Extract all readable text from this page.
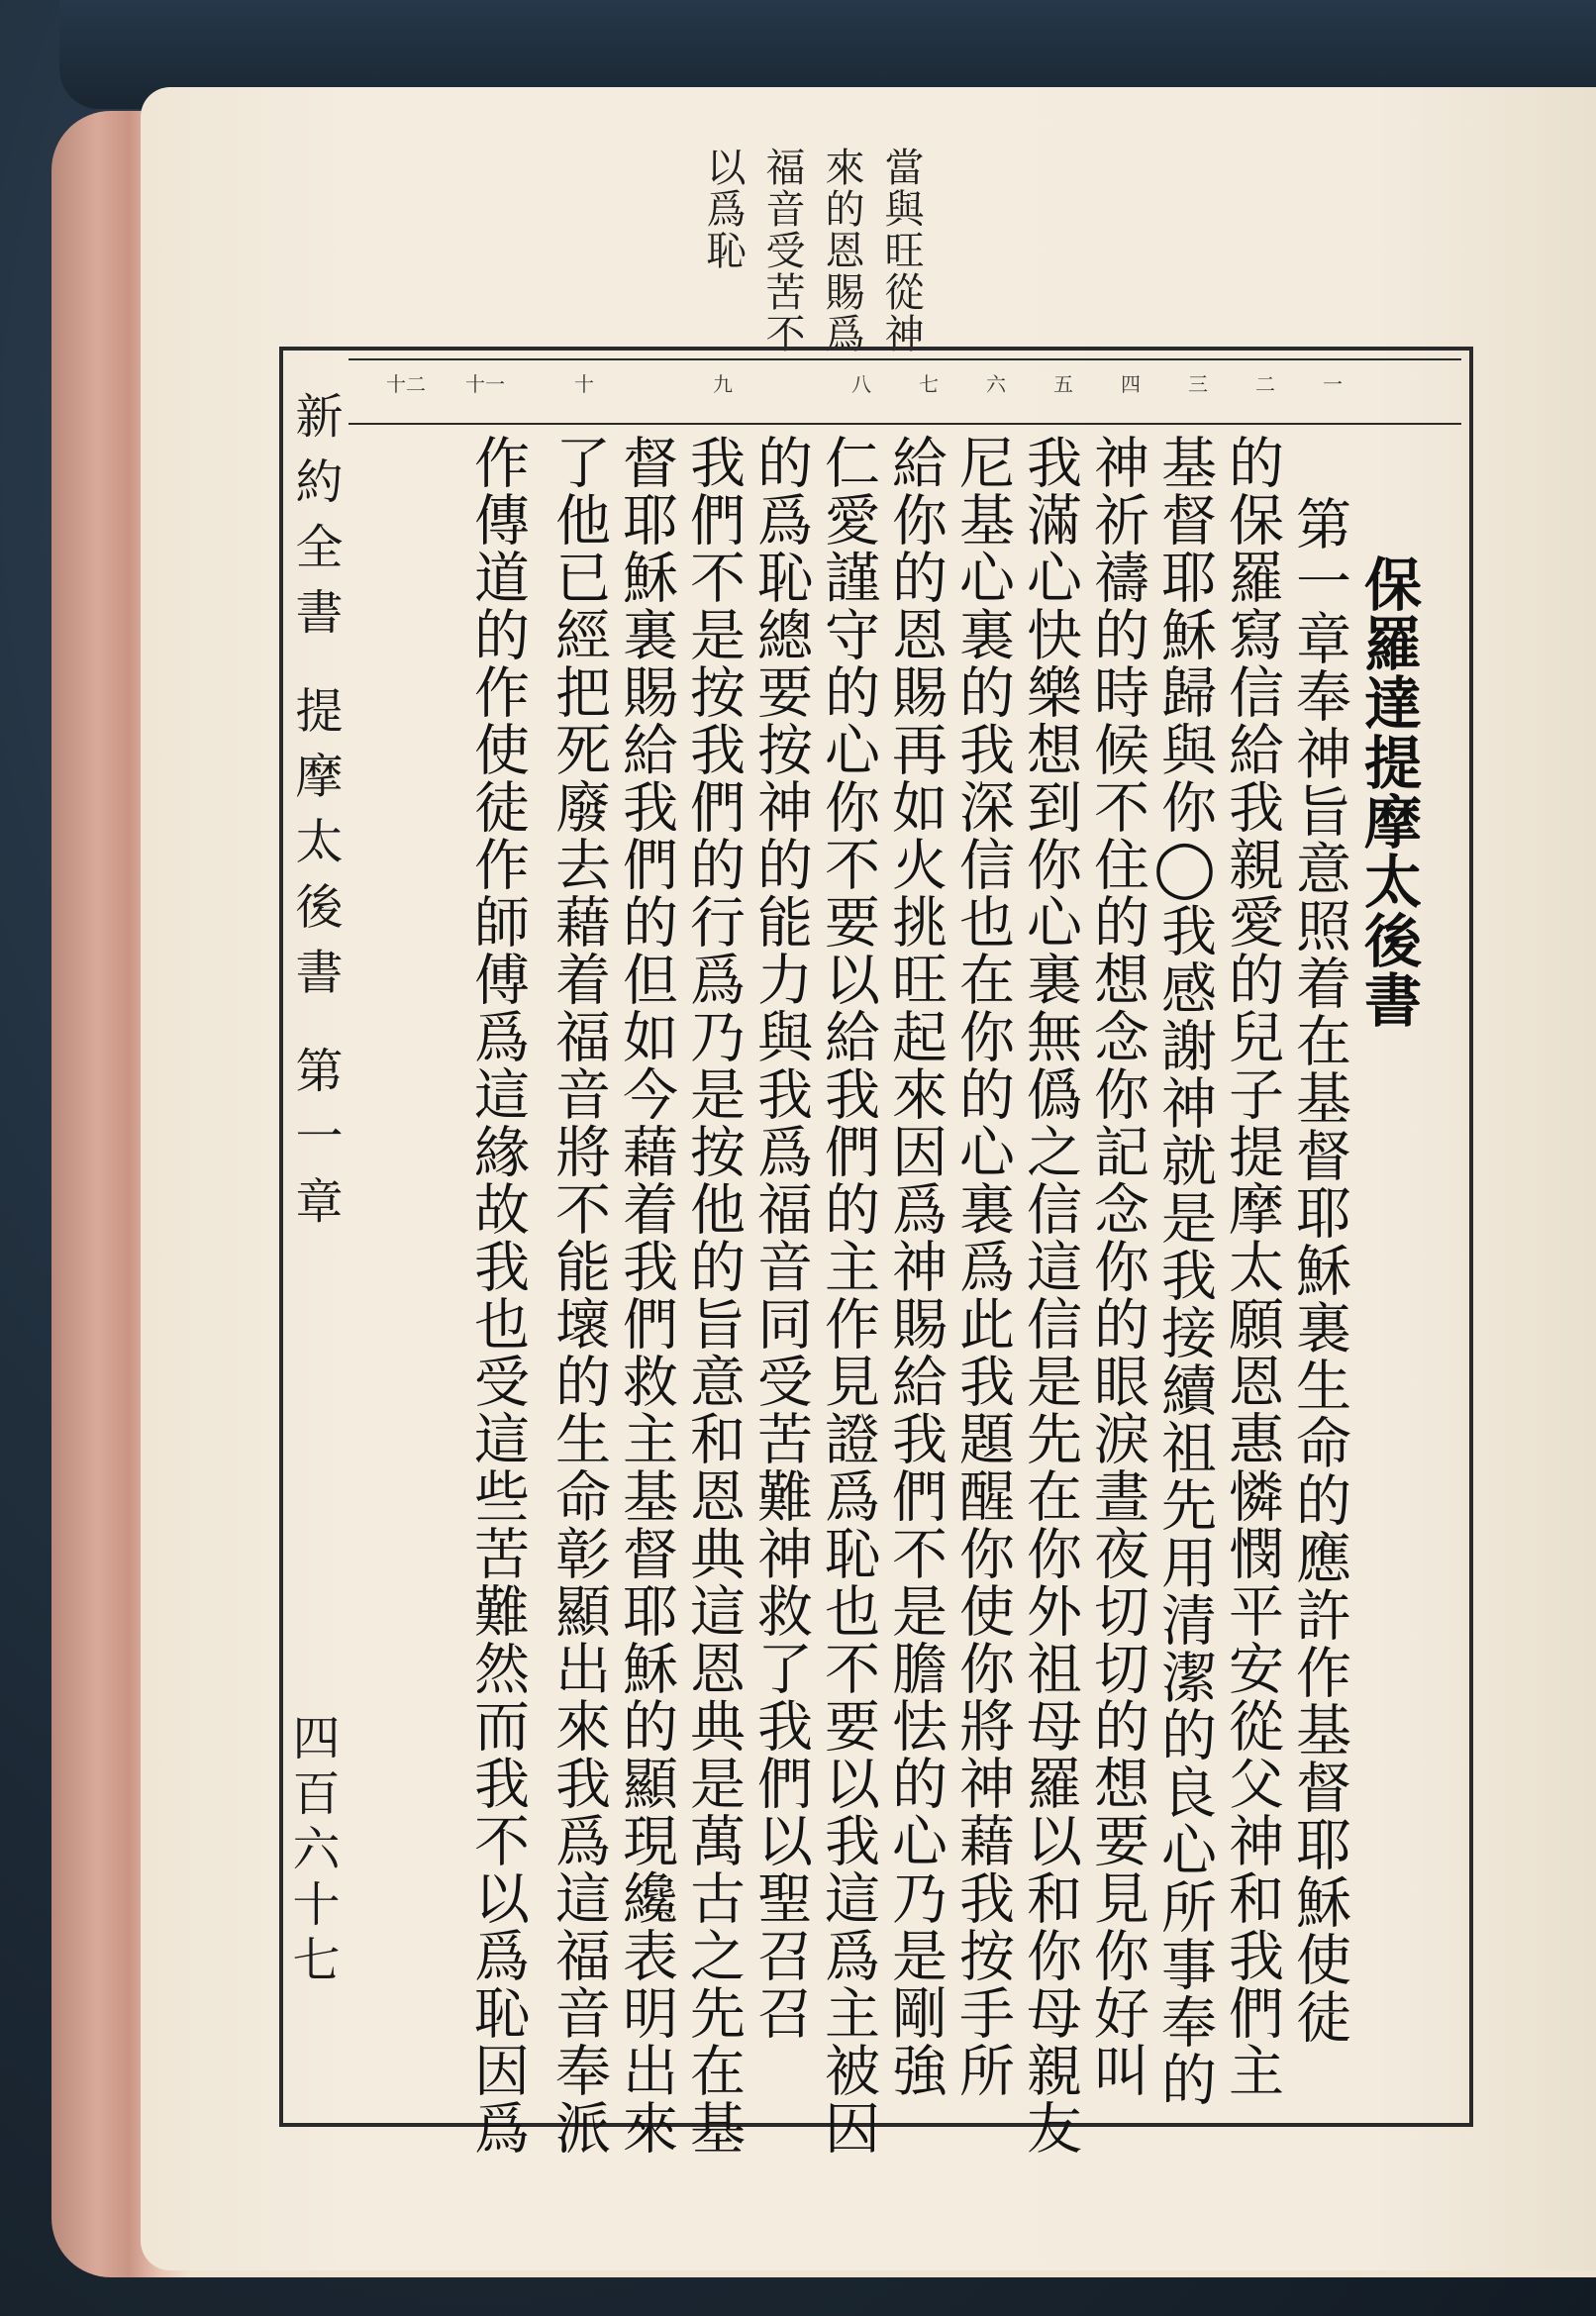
當與旺從神來的恩賜爲福音受苦不以爲恥
一
二
三
四
五
六
七
八
九
十
十一
十二
保羅達提摩太後書
第一章奉神旨意照着在基督耶穌裏生命的應許作基督耶穌使徒
的保羅寫信給我親愛的兒子提摩太願恩惠憐憫平安從父神和我們主
基督耶穌歸與你◯我感謝神就是我接續祖先用清潔的良心所事奉的
神祈禱的時候不住的想念你記念你的眼淚晝夜切切的想要見你好叫
我滿心快樂想到你心裏無僞之信這信是先在你外祖母羅以和你母親友
尼基心裏的我深信也在你的心裏爲此我題醒你使你將神藉我按手所
給你的恩賜再如火挑旺起來因爲神賜給我們不是膽怯的心乃是剛強
仁愛謹守的心你不要以給我們的主作見證爲恥也不要以我這爲主被囚
的爲恥總要按神的能力與我爲福音同受苦難神救了我們以聖召召
我們不是按我們的行爲乃是按他的旨意和恩典這恩典是萬古之先在基
督耶穌裏賜給我們的但如今藉着我們救主基督耶穌的顯現纔表明出來
了他已經把死廢去藉着福音將不能壞的生命彰顯出來我爲這福音奉派
作傳道的作使徒作師傅爲這緣故我也受這些苦難然而我不以爲恥因爲
新約全書 提摩太後書 第一章
四百六十七
